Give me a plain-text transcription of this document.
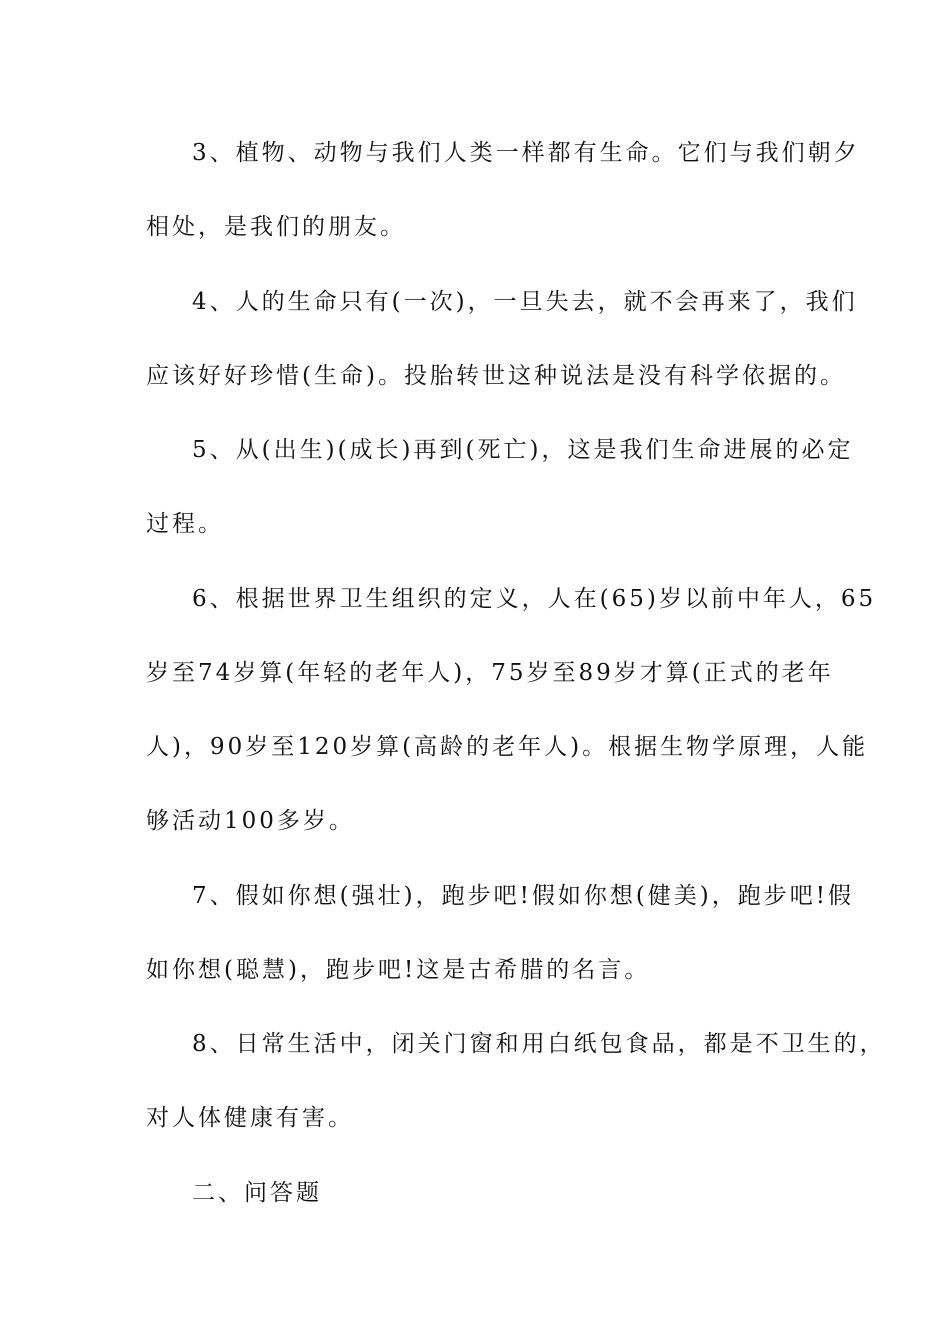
3、植物、动物与我们人类一样都有生命。它们与我们朝夕
相处，是我们的朋友。
4、人的生命只有(一次)，一旦失去，就不会再来了，我们
应该好好珍惜(生命)。投胎转世这种说法是没有科学依据的。
5、从(出生)(成长)再到(死亡)，这是我们生命进展的必定
过程。
6、根据世界卫生组织的定义，人在(65)岁以前中年人，65
岁至74岁算(年轻的老年人)，75岁至89岁才算(正式的老年
人)，90岁至120岁算(高龄的老年人)。根据生物学原理，人能
够活动100多岁。
7、假如你想(强壮)，跑步吧!假如你想(健美)，跑步吧!假
如你想(聪慧)，跑步吧!这是古希腊的名言。
8、日常生活中，闭关门窗和用白纸包食品，都是不卫生的，
对人体健康有害。
二、问答题
